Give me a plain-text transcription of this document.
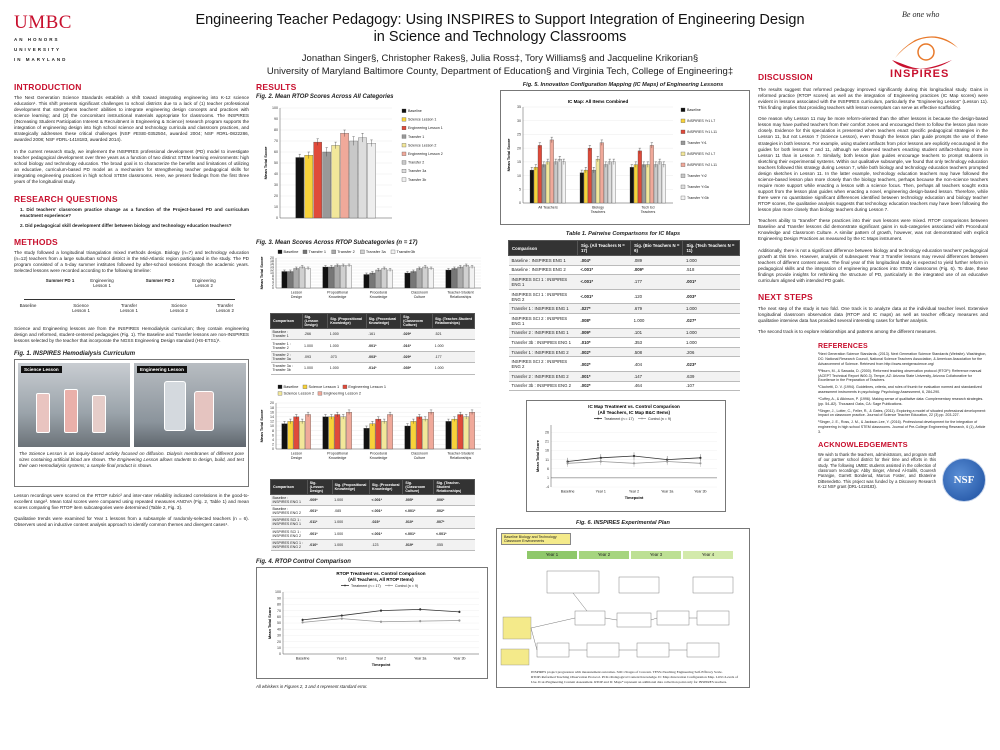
UMBC
AN HONORS
UNIVERSITY
IN MARYLAND
Engineering Teacher Pedagogy: Using INSPIRES to Support Integration of Engineering Design
in Science and Technology Classrooms
Jonathan Singer§, Christopher Rakes§, Julia Ross‡, Tory Williams§ and Jacqueline Krikorian§
University of Maryland Baltimore County, Department of Education§ and Virginia Tech, College of Engineering‡
Be one who
INSPIRES
INTRODUCTION
The Next Generation Science Standards establish a shift toward integrating engineering into K-12 science education¹. This shift presents significant challenges to school districts due to a lack of (1) teacher professional development that strengthens teachers' abilities to integrate engineering design concepts and practices with science learning; and (2) the concomitant instructional materials appropriate for classrooms. The INSPIRES (INcreasing Student Participation Interest & Recruitment in Engineering & Science) research program supports the integration of engineering design into high school science and technology curricula and classroom practices, and strategically addresses these critical challenges (NSF #ESIE-0352504, awarded 2004; NSF #DRL-0822286, awarded 2008; NSF #DRL-1418183, awarded 2014).
In the current research study, we implement the INSPIRES professional development (PD) model to investigate teacher pedagogical development over three years as a function of two distinct STEM learning environments: high school biology and technology education. The broad goal is to characterize the benefits and limitations of utilizing an educative, curriculum-based PD model as a mechanism for strengthening teacher pedagogical skills for integrating engineering practices in high school STEM classrooms. Here, we present findings from the first three years of the longitudinal study.
RESEARCH QUESTIONS
1. Did teachers' classroom practice change as a function of the Project-based PD and curriculum enactment experience?
2. Did pedagogical skill development differ between biology and technology education teachers?
METHODS
The study followed a longitudinal triangulation mixed methods design. Biology (n=7) and technology education (n=12) teachers from a large suburban school district in the Mid-Atlantic region participated in the study. The PD program consisted of a 5-day summer institutes followed by after-school sessions through the academic years. Selected lessons were recorded according to the following timeline:
Summer PD 1	Engineering Lesson 1
Summer PD 2	Engineering Lesson 2
Baseline	Science Lesson 1
Transfer Lesson 1
Science Lesson 2
Transfer Lesson 2
Science and Engineering lessons are from the INSPIRES Hemodialysis curriculum; they contain engineering design and reformed, student-centered pedagogies (Fig. 1). The Baseline and Transfer lessons are non-INSPIRES lessons selected by the teacher that incorporate the NGSS Engineering Design standard (HS-ETS1)¹.
Fig. 1. INSPIRES Hemodialysis Curriculum
Science Lesson	Engineering Lesson
The Science Lesson is an inquiry-based activity focused on diffusion. Dialysis membranes of different pore sizes containing artificial blood are shown. The Engineering Lesson allows students to design, build, and test their own Hemodialysis systems; a sample final product is shown.
Lesson recordings were scored on the RTOP rubric² and inter-rater reliability indicated correlations in the good-to-excellent range³. Mean total scores were compared using repeated measures ANOVA (Fig. 2, Table 1) and mean scores comparing five RTOP item subcategories were determined (Table 2, Fig. 3).
Qualitative trends were examined for Year 1 lessons from a subsample of randomly-selected teachers (n = 6). Observers used an inductive content analysis approach to identify common themes and divergent cases⁴.
RESULTS
Fig. 2. Mean RTOP Scores Across All Categories
0
10
20
30
40
50
60
70
80
90
100
Mean Total Score
Baseline
Science Lesson 1
Engineering Lesson 1
Transfer 1
Science Lesson 2
Engineering Lesson 2
Transfer 2
Transfer 3a
Transfer 3b
Fig. 3. Mean Scores Across RTOP Subcategories (n = 17)
0
2
4
6
8
10
12
14
16
18
20
Mean Total Score
Lesson
Design
Propositional
Knowledge
Procedural
Knowledge
Classroom
Culture
Teacher-Student
Relationships
Baseline	Transfer 1	Transfer 2	Transfer 3a	Transfer3b
Comparison	Sig. (Lesson Design)	Sig. (Propositional Knowledge)	Sig. (Procedural Knowledge)	Sig. (Classroom Culture)	Sig. (Teacher-Student Relationships)
Baseline : Transfer 1	.266	1.000	.161	.029*	.521
Transfer 1 : Transfer 2	1.000	1.000	.001*	.016*	1.000
Transfer 2 : Transfer 3a	.093	.073	.003*	.029*	.177
Transfer 3a : Transfer 3b	1.000	1.000	.014*	.039*	1.000
0
2
4
6
8
10
12
14
16
18
20
Mean Total Score
Lesson
Design
Propositional
Knowledge
Procedural
Knowledge
Classroom
Culture
Teacher-Student
Relationships
Baseline	Science Lesson 1 Engineering Lesson 1
Science Lesson 2 Engineering Lesson 2
Comparison	Sig. (Lesson Design)	Sig. (Propositional Knowledge)	Sig. (Procedural Knowledge)	Sig. (Classroom Culture)	Sig. (Teacher-Student Relationships)
Baseline : INSPIRES ENG 1	.009*	1.000	<.001*	.005*	.006*
Baseline : INSPIRES ENG 2	.001*	.085	<.001*	<.001*	.002*
INSPIRES SCI 1 : INSPIRES ENG 1	.011*	1.000	.023*	.010*	.007*
INSPIRES SCI 1 : INSPIRES ENG 2	.001*	1.000	<.001*	<.001*	<.001*
INSPIRES ENG 1 : INSPIRES ENG 2	.010*	1.000	.123	.019*	.055
Fig. 4. RTOP Control Comparison
RTOP Treatment vs. Control Comparison
(All Teachers, All RTOP Items)
Treatment (n = 17)	Control (n = 9)
0
10
20
30
40
50
60
70
80
90
100
Baseline	Year 1	Year 2	Year 3a	Year 3b
Timepoint
Mean Total Score
All whiskers in Figures 2, 3 and 4 represent standard error.
Fig. 5. Innovation Configuration Mapping (IC Maps) of Engineering Lessons
0
5
10
15
20
25
30
35
Mean Total Score
IC Map: All Items Combined
All Teachers	Biology
Teachers
Tech Ed
Teachers
Baseline
INSPIRES Yr1 L7
INSPIRES Yr1 L11
Transfer Yr1
INSPIRES Yr2 L7
INSPIRES Yr2 L11
Transfer Yr2
Transfer Yr3a
Transfer Yr3b
Table 1. Pairwise Comparisons for IC Maps
Comparison	Sig. (All Teachers N = 17)	Sig. (Bio Teachers N = 6)	Sig. (Tech Teachers N = 11)
Baseline : INSPIRES ENG 1	.004*	.089	1.000
Baseline : INSPIRES ENG 2	<.001*	.009*	.518
INSPIRES SCI 1 : INSPIRES ENG 1	<.001*	.177	.001*
INSPIRES SCI 1 : INSPIRES ENG 2	<.001*	.120	.003*
Transfer 1 : INSPIRES ENG 1	.027*	.679	1.000
INSPIRES SCI 2 : INSPIRES ENG 1	.008*	1.000	.027*
Transfer 2 : INSPIRES ENG 1	.009*	.101	1.000
Transfer 3b : INSPIRES ENG 1	.010*	.353	1.000
Transfer 1 : INSPIRES ENG 2	.002*	.508	.206
INSPIRES SCI 2 : INSPIRES ENG 2	.002*	.404	.023*
Transfer 2 : INSPIRES ENG 2	.001*	.147	.639
Transfer 3b : INSPIRES ENG 2	.002*	.464	.107
IC Map Treatment vs. Control Comparison
(All Teachers, IC Map B&C Items)
Treatment (n = 17)	Control (n = 9)
-4
1
6
11
16
21
26
Baseline	Year 1	Year 2	Year 3a	Year 3b
Timepoint
Mean Total Score
Fig. 6. INSPIRES Experimental Plan
Baseline Biology and Technology Classroom Environments
Year 1	Year 2	Year 3	Year 4
INSPIRES project progression with measurement outcomes. SOC=Stages of Concern. TESS=Teaching Engineering Self-Efficacy Scale. RTOP=Reformed Teaching Observation Protocol. PCK=Pedagogical Content Knowledge. IC Map=Innovation Configuration Map. LOU=Levels of Use. ICA=Engineering Content Assessment. RTOP and IC Maps* represent an additional data collection point only for INSPIRES teachers.
DISCUSSION
The results suggest that reformed pedagogy improved significantly during this longitudinal study. Gains in reformed practice (RTOP scores) as well as the integration of Engineering practices (IC Map scores) were evident in lessons associated with the INSPIRES curriculum, particularly the "Engineering Lesson" (Lesson 11). This finding implies that providing teachers with lesson exemplars can serve as effective scaffolding.
One reason why Lesson 11 may be more reform-oriented than the other lessons is because the design-based lesson may have pushed teachers from their comfort zones and encouraged them to follow the lesson plan more closely. Evidence for this speculation is presented when teachers enact specific pedagogical strategies in the Lesson 11, but not Lesson 7 (Science Lesson), even though the lesson plan guide prompts the use of these strategies in both lessons. For example, using student artifacts from prior lessons are explicitly encouraged in the guides for both lessons 7 and 11, although we observed teachers enacting student artifact-sharing more in Lesson 11 than in Lesson 7. Similarly, both lesson plan guides encourage teachers to prompt students in sketching their experimental systems. Within our qualitative subsample, we found that only technology education teachers followed this strategy during Lesson 7, while both biology and technology education teachers prompted design sketches in Lesson 11. In the latter example, technology education teachers may have followed the science-based lesson plan more closely than the biology teachers, perhaps because the non-science teachers require more support while enacting a lesson with a science focus. Then, perhaps all teachers sought extra support from the lesson plan guides when enacting a novel, engineering design-based lesson. Therefore, while there were no quantitative significant differences identified between technology education and biology teacher RTOP scores, the qualitative analysis suggests that technology education teachers may have been following the lesson plan more closely than biology teachers during Lesson 7.
Teachers ability to "transfer" these practices into their own lessons were mixed. RTOP comparisons between Baseline and Transfer lessons did demonstrate significant gains in sub-categories associated with Procedural Knowledge and Classroom Culture. A similar pattern of growth, however, was not demonstrated with explicit Engineering Design Practices as measured by the IC Maps instrument.
Additionally, there is not a significant difference between biology and technology education teachers' pedagogical growth at this time. However, analysis of subsequent Year 3 Transfer lessons may reveal differences between teachers of different content areas. The final year of this longitudinal study is expected to yield further reform in pedagogical skills and the integration of engineering practices into STEM classrooms (Fig. 6). To date, these findings provide insights for rethinking the structure of PD, particularly in the integrated use of an educative curriculum aligned with intended PD goals.
NEXT STEPS
The next step of the study is two fold. One track is to analyze data at the individual teacher level. Extensive longitudinal classroom observation data (RTOP and IC maps) as well as teacher efficacy measures and qualitative interview data has provided several interesting cases for further analysis.
The second track is to explore relationships and patterns among the different measures.
REFERENCES
¹Next Generation Science Standards. (2013). Next Generation Science Standards (Website). Washington, DC: National Research Council, National Science Teachers Association, & American Association for the Advancement of Science. Retrieved from http://www.nextgenscience.org/
²Piburn, M., & Sawada, D. (2000). Reformed teaching observation protocol (RTOP): Reference manual (ACEPT Technical Report IN00-3). Tempe, AZ: Arizona State University, Arizona Collaborative for Excellence in the Preparation of Teachers.
³Cicchetti, D. V. (1994). Guidelines, criteria, and rules of thumb for evaluation normed and standardized assessment instruments in psychology. Psychology Assessment, 6, 284-290.
⁴Coffey, A., & Atkinson, P. (1996). Making sense of qualitative data: Complementary research strategies. (pp. 54–82). Thousand Oaks, CA: Sage Publications.
⁵Singer, J., Lotter, C., Feller, R., & Gates, (2011). Exploring a model of situated professional development: Impact on classroom practice. Journal of Science Teacher Education, 22 (3) pp. 203-227.
⁶Singer, J. E., Ross, J. M., & Jackson-Lee, Y. (2016). Professional development for the integration of engineering in high school STEM classrooms. Journal of Pre-College Engineering Research, 6 (1), Article 3.
ACKNOWLEDGEMENTS
We wish to thank the teachers, administrators, and program staff of our partner school district for their time and efforts in this study. The following UMBC students assisted in the collection of classroom recordings: Abby Singer, Ahmed Al-Salihi, Gouresh Paranjpe, Garrett Bonderud, Marcus Foster, and Ekaterine DiBenedetto. This project was funded by a Discovery Research K-12 NSF grant (DRL-1418183).
NSF
